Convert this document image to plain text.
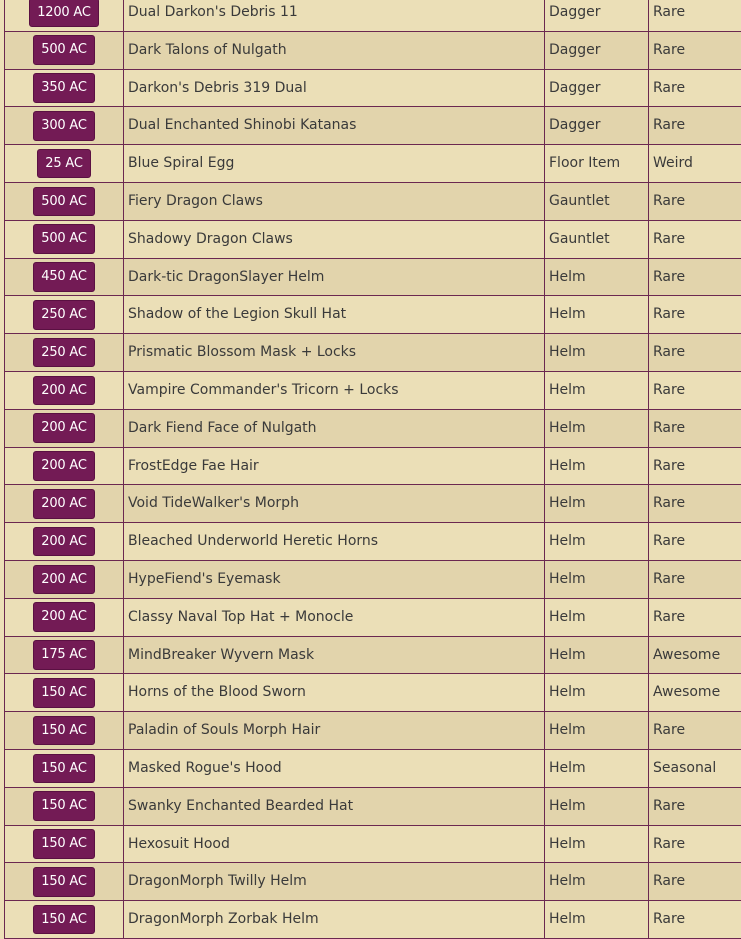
1200 AC	Dual Darkon's Debris 11	Dagger	Rare
500 AC	Dark Talons of Nulgath	Dagger	Rare
350 AC	Darkon's Debris 319 Dual	Dagger	Rare
300 AC	Dual Enchanted Shinobi Katanas	Dagger	Rare
25 AC	Blue Spiral Egg	Floor Item	Weird
500 AC	Fiery Dragon Claws	Gauntlet	Rare
500 AC	Shadowy Dragon Claws	Gauntlet	Rare
450 AC	Dark-tic DragonSlayer Helm	Helm	Rare
250 AC	Shadow of the Legion Skull Hat	Helm	Rare
250 AC	Prismatic Blossom Mask + Locks	Helm	Rare
200 AC	Vampire Commander's Tricorn + Locks	Helm	Rare
200 AC	Dark Fiend Face of Nulgath	Helm	Rare
200 AC	FrostEdge Fae Hair	Helm	Rare
200 AC	Void TideWalker's Morph	Helm	Rare
200 AC	Bleached Underworld Heretic Horns	Helm	Rare
200 AC	HypeFiend's Eyemask	Helm	Rare
200 AC	Classy Naval Top Hat + Monocle	Helm	Rare
175 AC	MindBreaker Wyvern Mask	Helm	Awesome
150 AC	Horns of the Blood Sworn	Helm	Awesome
150 AC	Paladin of Souls Morph Hair	Helm	Rare
150 AC	Masked Rogue's Hood	Helm	Seasonal
150 AC	Swanky Enchanted Bearded Hat	Helm	Rare
150 AC	Hexosuit Hood	Helm	Rare
150 AC	DragonMorph Twilly Helm	Helm	Rare
150 AC	DragonMorph Zorbak Helm	Helm	Rare
